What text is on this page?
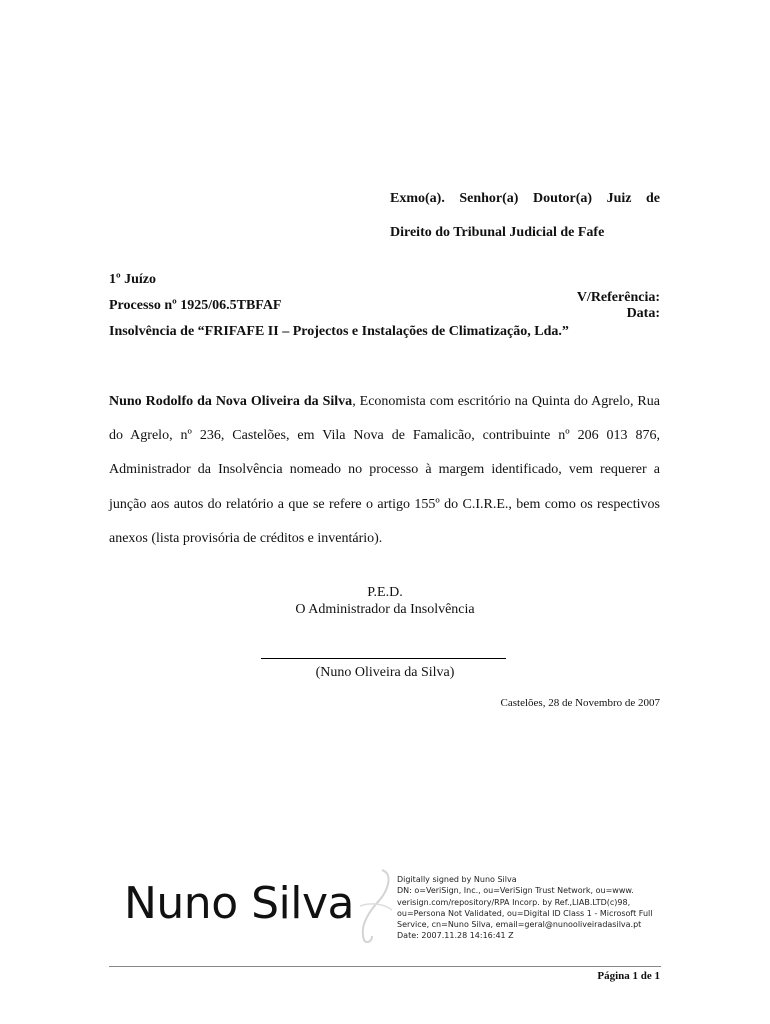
Exmo(a). Senhor(a) Doutor(a) Juiz de
Direito do Tribunal Judicial de Fafe
1º Juízo
Processo nº 1925/06.5TBFAF
Insolvência de “FRIFAFE II – Projectos e Instalações de Climatização, Lda.”
V/Referência:
Data:
Nuno Rodolfo da Nova Oliveira da Silva, Economista com escritório na Quinta do Agrelo, Rua do Agrelo, nº 236, Castelões, em Vila Nova de Famalicão, contribuinte nº 206 013 876, Administrador da Insolvência nomeado no processo à margem identificado, vem requerer a junção aos autos do relatório a que se refere o artigo 155º do C.I.R.E., bem como os respectivos anexos (lista provisória de créditos e inventário).
P.E.D.
O Administrador da Insolvência
(Nuno Oliveira da Silva)
Castelões, 28 de Novembro de 2007
Nuno Silva	Digitally signed by Nuno Silva
DN: o=VeriSign, Inc., ou=VeriSign Trust Network, ou=www.
verisign.com/repository/RPA Incorp. by Ref.,LIAB.LTD(c)98,
ou=Persona Not Validated, ou=Digital ID Class 1 - Microsoft Full
Service, cn=Nuno Silva, email=geral@nunooliveiradasilva.pt
Date: 2007.11.28 14:16:41 Z
Página 1 de 1
